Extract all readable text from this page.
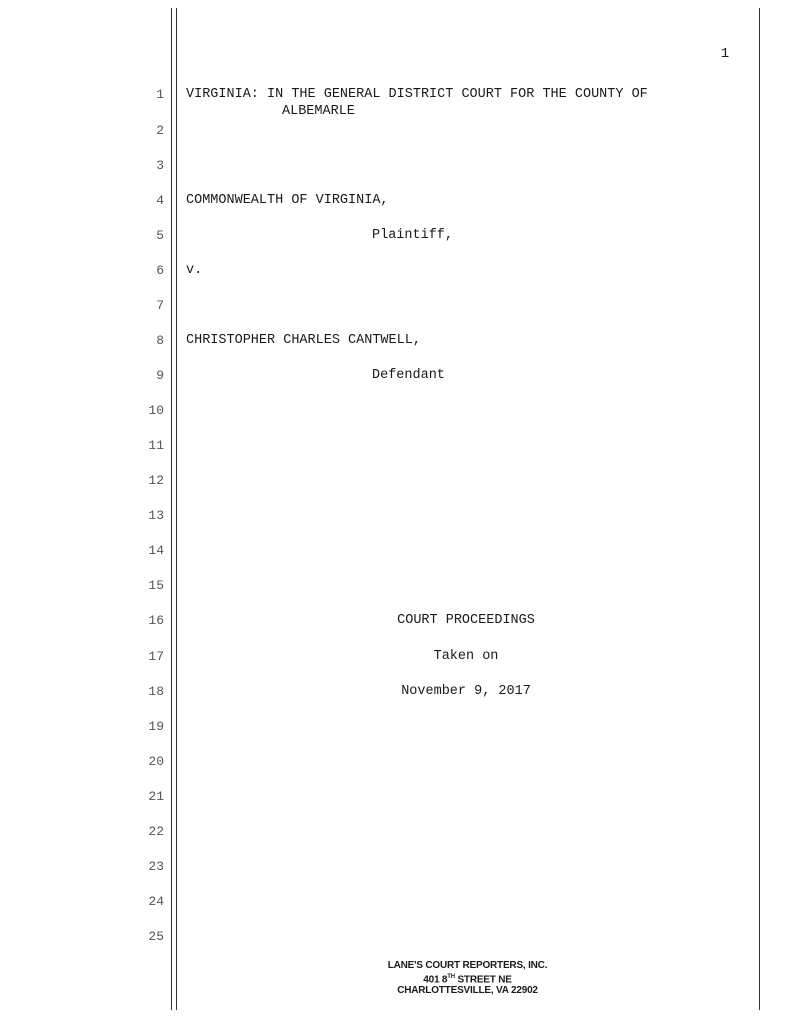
1
1
2
3
4
5
6
7
8
9
10
11
12
13
14
15
16
17
18
19
20
21
22
23
24
25
VIRGINIA: IN THE GENERAL DISTRICT COURT FOR THE COUNTY OF
ALBEMARLE
COMMONWEALTH OF VIRGINIA,
Plaintiff,
v.
CHRISTOPHER CHARLES CANTWELL,
Defendant
COURT PROCEEDINGS
Taken on
November 9, 2017
LANE'S COURT REPORTERS, INC.
401 8TH STREET NE
CHARLOTTESVILLE, VA 22902
